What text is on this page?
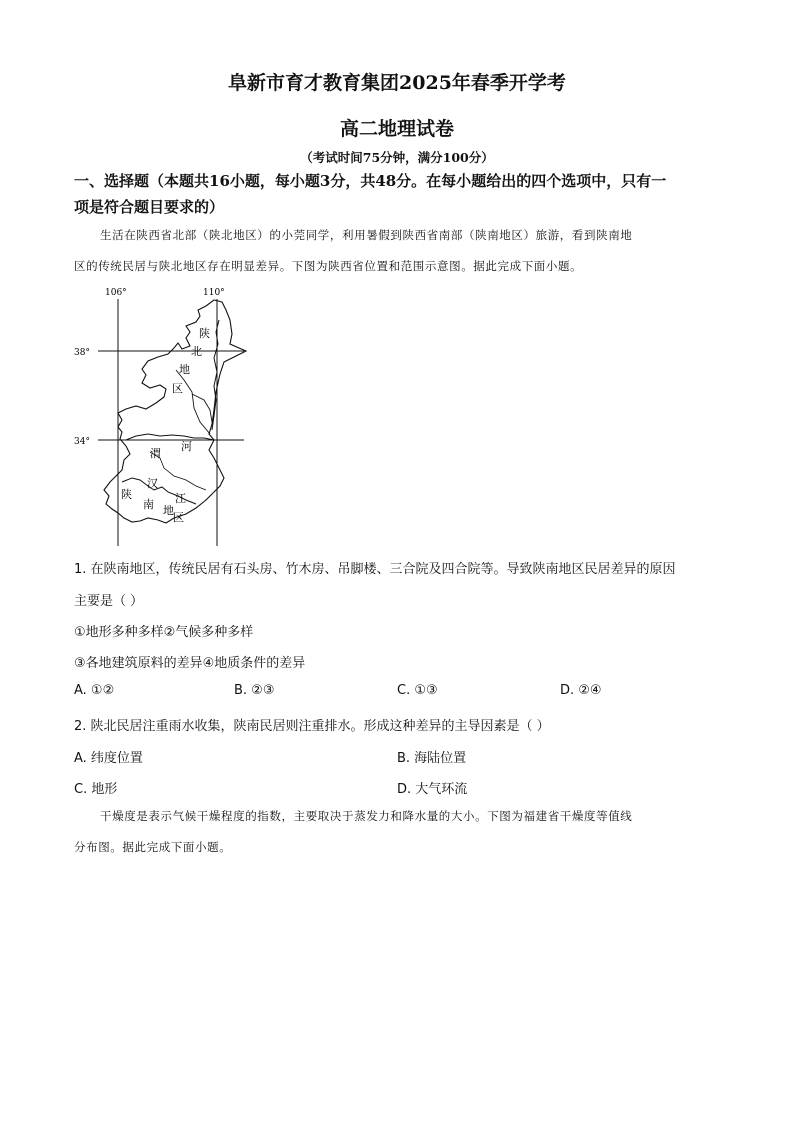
阜新市育才教育集团2025年春季开学考
高二地理试卷
（考试时间75分钟，满分100分）
一、选择题（本题共16小题，每小题3分，共48分。在每小题给出的四个选项中，只有一
项是符合题目要求的）
生活在陕西省北部（陕北地区）的小莞同学，利用暑假到陕西省南部（陕南地区）旅游，看到陕南地
区的传统民居与陕北地区存在明显差异。下图为陕西省位置和范围示意图。据此完成下面小题。
106°	110°
38°
34°
陕
北
地
区
渭
河
陕
汉
南 江
地
区
1. 在陕南地区，传统民居有石头房、竹木房、吊脚楼、三合院及四合院等。导致陕南地区民居差异的原因
主要是（ ）
①地形多种多样②气候多种多样
③各地建筑原料的差异④地质条件的差异
A. ①②	B. ②③	C. ①③	D. ②④
2. 陕北民居注重雨水收集，陕南民居则注重排水。形成这种差异的主导因素是（ ）
A. 纬度位置	B. 海陆位置
C. 地形	D. 大气环流
干燥度是表示气候干燥程度的指数，主要取决于蒸发力和降水量的大小。下图为福建省干燥度等值线
分布图。据此完成下面小题。
